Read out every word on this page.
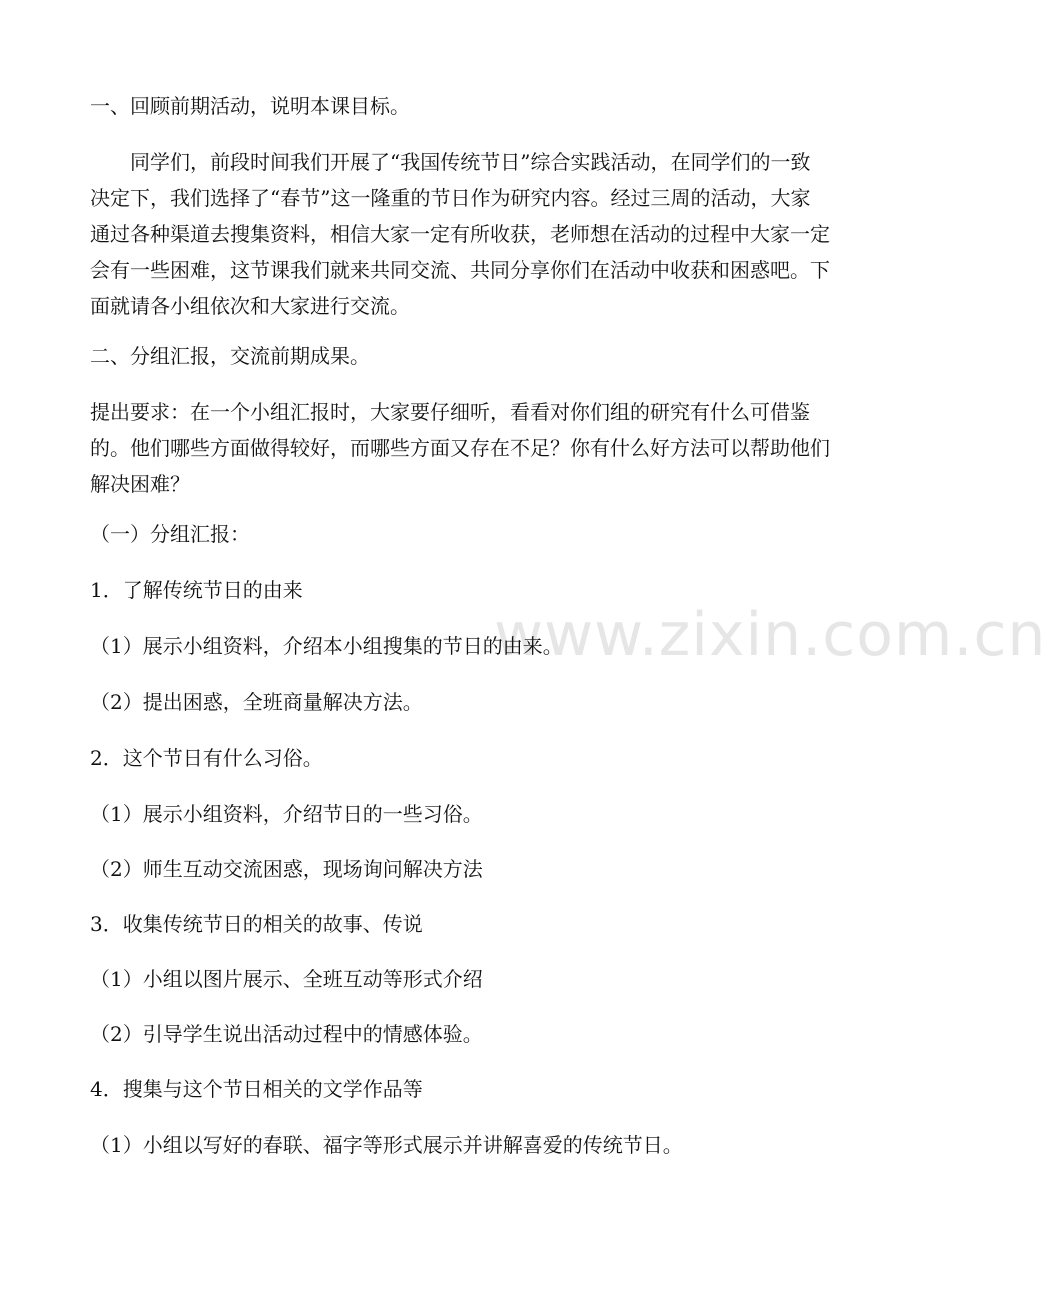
www.zixin.com.cn

一、回顾前期活动，说明本课目标。

同学们，前段时间我们开展了“我国传统节日”综合实践活动，在同学们的一致决定下，我们选择了“春节”这一隆重的节日作为研究内容。经过三周的活动，大家通过各种渠道去搜集资料，相信大家一定有所收获，老师想在活动的过程中大家一定会有一些困难，这节课我们就来共同交流、共同分享你们在活动中收获和困惑吧。下面就请各小组依次和大家进行交流。

二、分组汇报，交流前期成果。

提出要求：在一个小组汇报时，大家要仔细听，看看对你们组的研究有什么可借鉴的。他们哪些方面做得较好，而哪些方面又存在不足？你有什么好方法可以帮助他们解决困难？

（一）分组汇报：

1．了解传统节日的由来

（1）展示小组资料，介绍本小组搜集的节日的由来。

（2）提出困惑，全班商量解决方法。

2．这个节日有什么习俗。

（1）展示小组资料，介绍节日的一些习俗。

（2）师生互动交流困惑，现场询问解决方法

3．收集传统节日的相关的故事、传说

（1）小组以图片展示、全班互动等形式介绍

（2）引导学生说出活动过程中的情感体验。

4．搜集与这个节日相关的文学作品等

（1）小组以写好的春联、福字等形式展示并讲解喜爱的传统节日。
